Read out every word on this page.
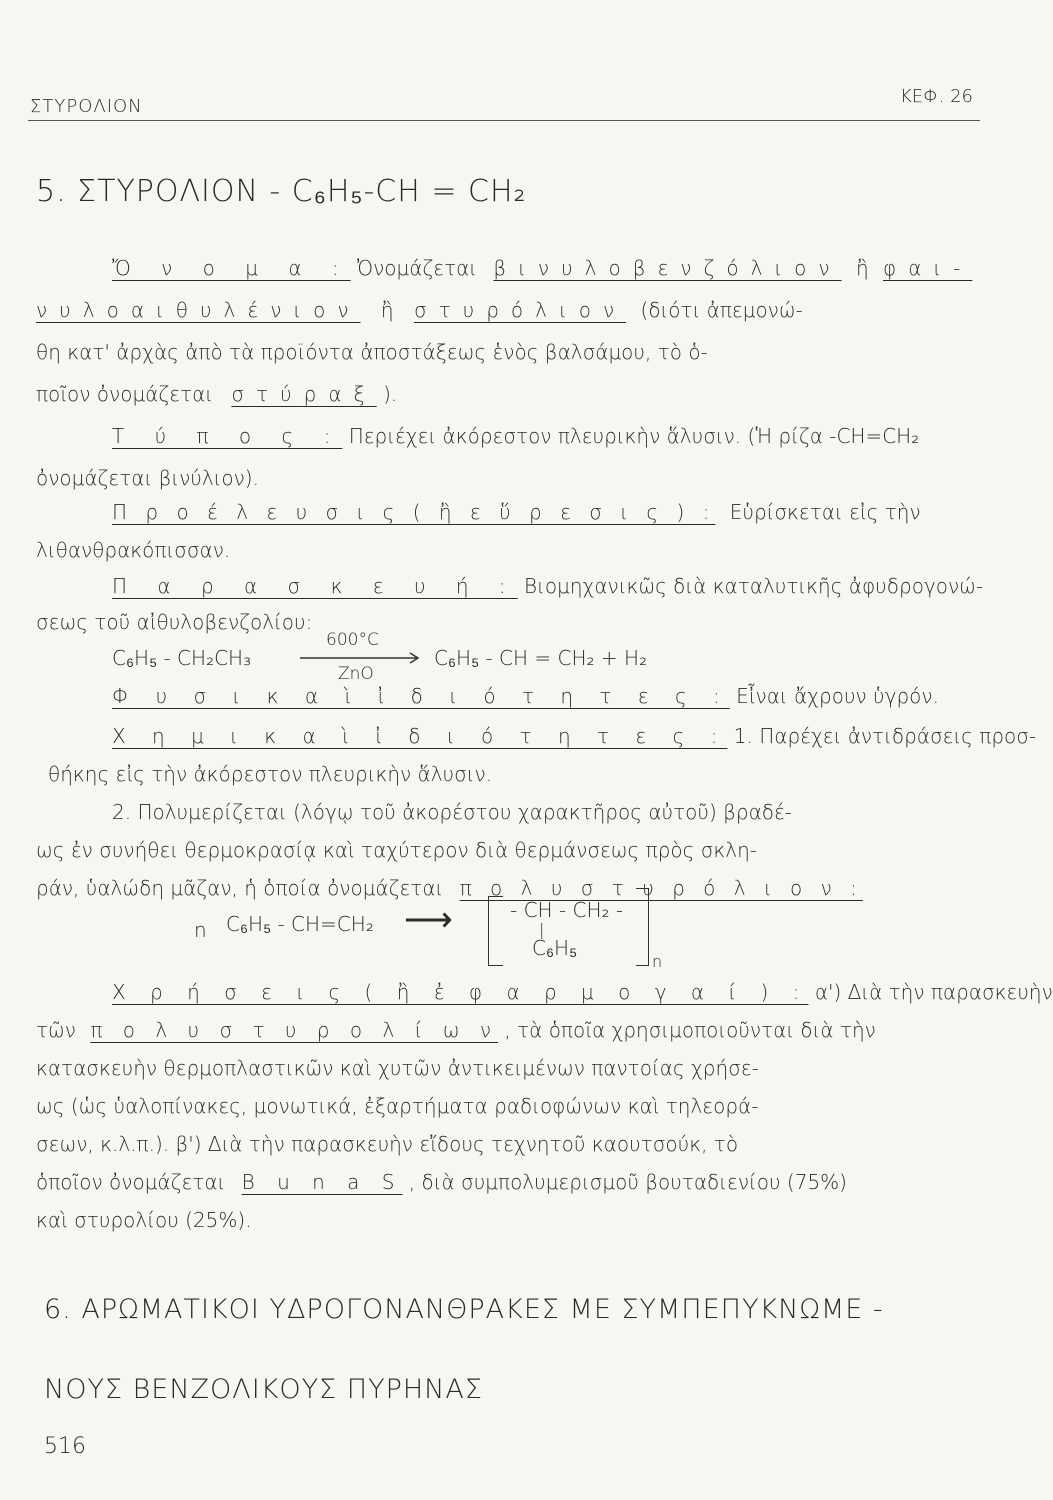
ΣΤΥΡΟΛΙΟΝ	ΚΕΦ. 26
5. ΣΤΥΡΟΛΙΟΝ - C₆H₅-CH = CH₂
Ὄ ν ο μ α : Ὀνομάζεται βινυλοβενζόλιον ἢ φαι-
νυλοαιθυλένιον ἢ στυρόλιον (διότι ἀπεμονώ-
θη κατ' ἀρχὰς ἀπὸ τὰ προϊόντα ἀποστάξεως ἑνὸς βαλσάμου, τὸ ὁ-
ποῖον ὀνομάζεται στύραξ ).
Τ ύ π ο ς : Περιέχει ἀκόρεστον πλευρικὴν ἅλυσιν. (Ἡ ρίζα -CH=CH₂
ὀνομάζεται βινύλιον).
Π ρ ο έ λ ε υ σ ι ς ( ἢ ε ὕ ρ ε σ ι ς ) : Εὑρίσκεται εἰς τὴν
λιθανθρακόπισσαν.
Π α ρ α σ κ ε υ ή : Βιομηχανικῶς διὰ καταλυτικῆς ἀφυδρογονώ-
σεως τοῦ αἰθυλοβενζολίου:
C₆H₅ - CH₂CH₃
600°C
ZnO
C₆H₅ - CH = CH₂ + H₂
Φ υ σ ι κ α ὶ ἰ δ ι ό τ η τ ε ς : Εἶναι ἄχρουν ὑγρόν.
Χ η μ ι κ α ὶ ἰ δ ι ό τ η τ ε ς : 1. Παρέχει ἀντιδράσεις προσ-
θήκης εἰς τὴν ἀκόρεστον πλευρικὴν ἅλυσιν.
2. Πολυμερίζεται (λόγῳ τοῦ ἀκορέστου χαρακτῆρος αὐτοῦ) βραδέ-
ως ἐν συνήθει θερμοκρασίᾳ καὶ ταχύτερον διὰ θερμάνσεως πρὸς σκλη-
ράν, ὑαλώδη μᾶζαν, ἡ ὁποία ὀνομάζεται π ο λ υ σ τ υ ρ ό λ ι ο ν :
n C₆H₅ - CH=CH₂ ⟶	- CH - CH₂ -
|
C₆H₅
n
Χ ρ ή σ ε ι ς ( ἢ ἐ φ α ρ μ ο γ α ί ) : α') Διὰ τὴν παρασκευὴν
τῶν π ο λ υ σ τ υ ρ ο λ ί ω ν , τὰ ὁποῖα χρησιμοποιοῦνται διὰ τὴν
κατασκευὴν θερμοπλαστικῶν καὶ χυτῶν ἀντικειμένων παντοίας χρήσε-
ως (ὡς ὑαλοπίνακες, μονωτικά, ἐξαρτήματα ραδιοφώνων καὶ τηλεορά-
σεων, κ.λ.π.). β') Διὰ τὴν παρασκευὴν εἴδους τεχνητοῦ καουτσούκ, τὸ
ὁποῖον ὀνομάζεται B u n a S , διὰ συμπολυμερισμοῦ βουταδιενίου (75%)
καὶ στυρολίου (25%).
6. ΑΡΩΜΑΤΙΚΟΙ ΥΔΡΟΓΟΝΑΝΘΡΑΚΕΣ ΜΕ ΣΥΜΠΕΠΥΚΝΩΜΕ -
ΝΟΥΣ ΒΕΝΖΟΛΙΚΟΥΣ ΠΥΡΗΝΑΣ
516
